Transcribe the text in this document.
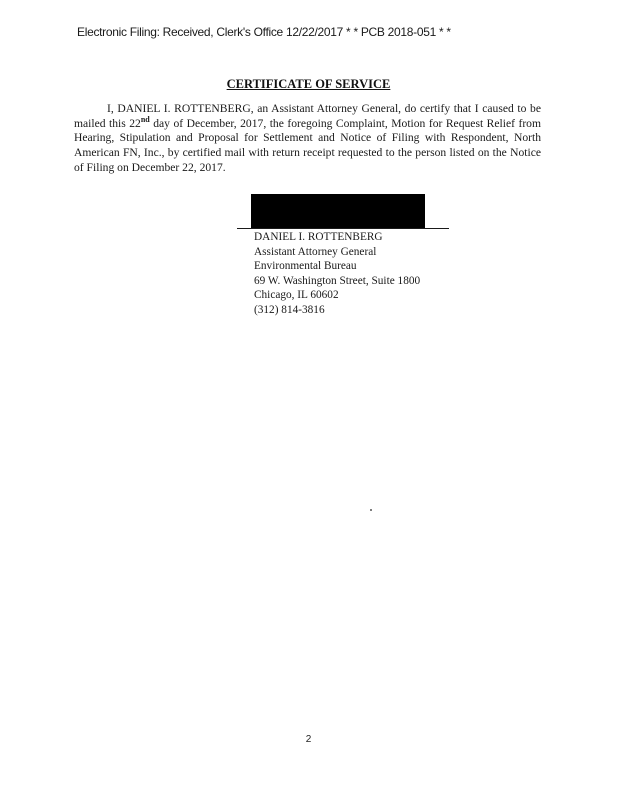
Electronic Filing: Received, Clerk's Office 12/22/2017 * * PCB 2018-051 * *
CERTIFICATE OF SERVICE

I, DANIEL I. ROTTENBERG, an Assistant Attorney General, do certify that I caused to be mailed this 22nd day of December, 2017, the foregoing Complaint, Motion for Request Relief from Hearing, Stipulation and Proposal for Settlement and Notice of Filing with Respondent, North American FN, Inc., by certified mail with return receipt requested to the person listed on the Notice of Filing on December 22, 2017.

DANIEL I. ROTTENBERG
Assistant Attorney General
Environmental Bureau
69 W. Washington Street, Suite 1800
Chicago, IL 60602
(312) 814-3816
2
